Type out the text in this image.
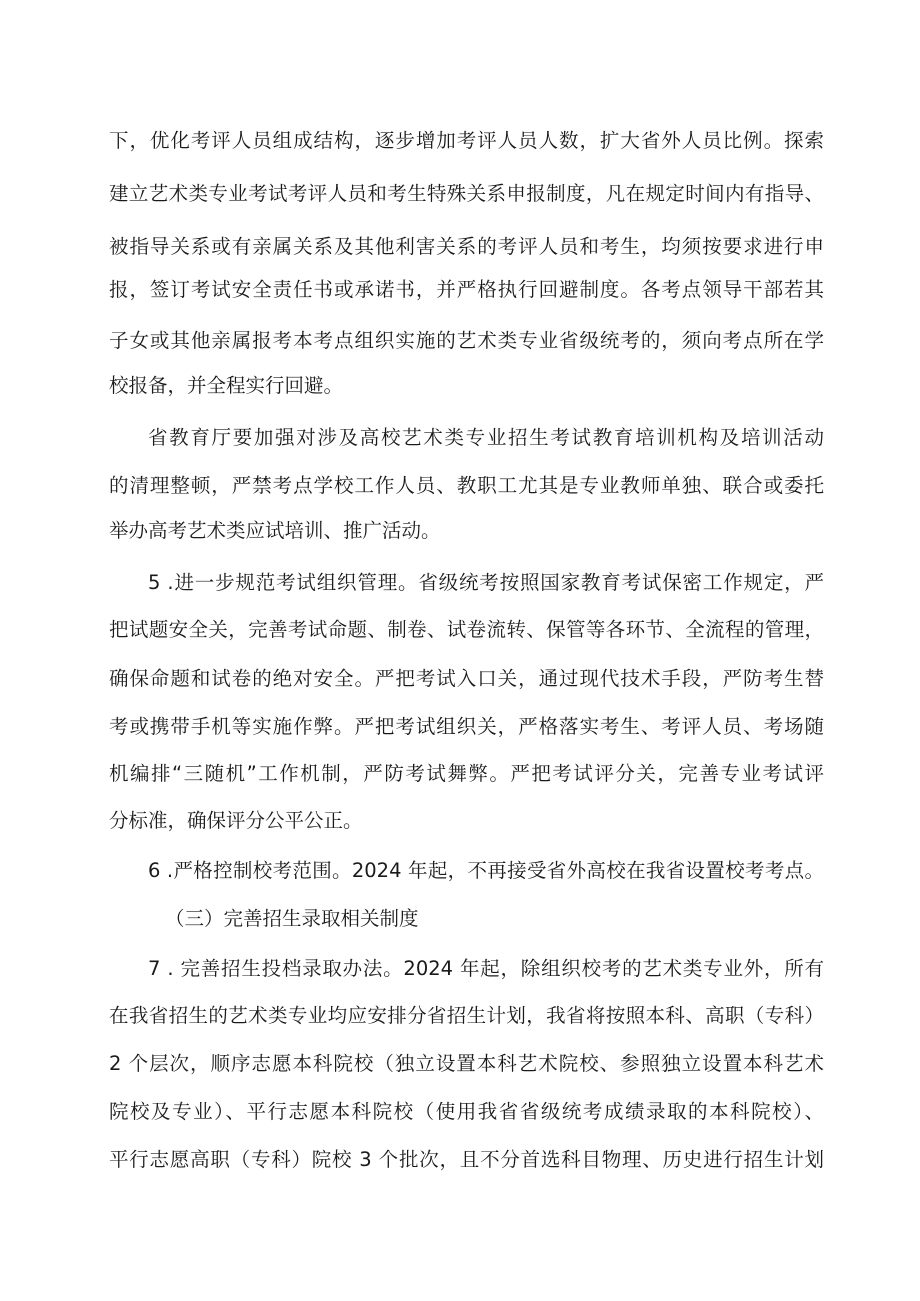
下，优化考评人员组成结构，逐步增加考评人员人数，扩大省外人员比例。探索
建立艺术类专业考试考评人员和考生特殊关系申报制度，凡在规定时间内有指导、
被指导关系或有亲属关系及其他利害关系的考评人员和考生，均须按要求进行申
报，签订考试安全责任书或承诺书，并严格执行回避制度。各考点领导干部若其
子女或其他亲属报考本考点组织实施的艺术类专业省级统考的，须向考点所在学
校报备，并全程实行回避。
省教育厅要加强对涉及高校艺术类专业招生考试教育培训机构及培训活动
的清理整顿，严禁考点学校工作人员、教职工尤其是专业教师单独、联合或委托
举办高考艺术类应试培训、推广活动。
5 .进一步规范考试组织管理。省级统考按照国家教育考试保密工作规定，严
把试题安全关，完善考试命题、制卷、试卷流转、保管等各环节、全流程的管理，
确保命题和试卷的绝对安全。严把考试入口关，通过现代技术手段，严防考生替
考或携带手机等实施作弊。严把考试组织关，严格落实考生、考评人员、考场随
机编排“三随机”工作机制，严防考试舞弊。严把考试评分关，完善专业考试评
分标准，确保评分公平公正。
6 .严格控制校考范围。2024 年起，不再接受省外高校在我省设置校考考点。
（三）完善招生录取相关制度
7 . 完善招生投档录取办法。2024 年起，除组织校考的艺术类专业外，所有
在我省招生的艺术类专业均应安排分省招生计划，我省将按照本科、高职（专科）
2 个层次，顺序志愿本科院校（独立设置本科艺术院校、参照独立设置本科艺术
院校及专业）、平行志愿本科院校（使用我省省级统考成绩录取的本科院校）、
平行志愿高职（专科）院校 3 个批次，且不分首选科目物理、历史进行招生计划
